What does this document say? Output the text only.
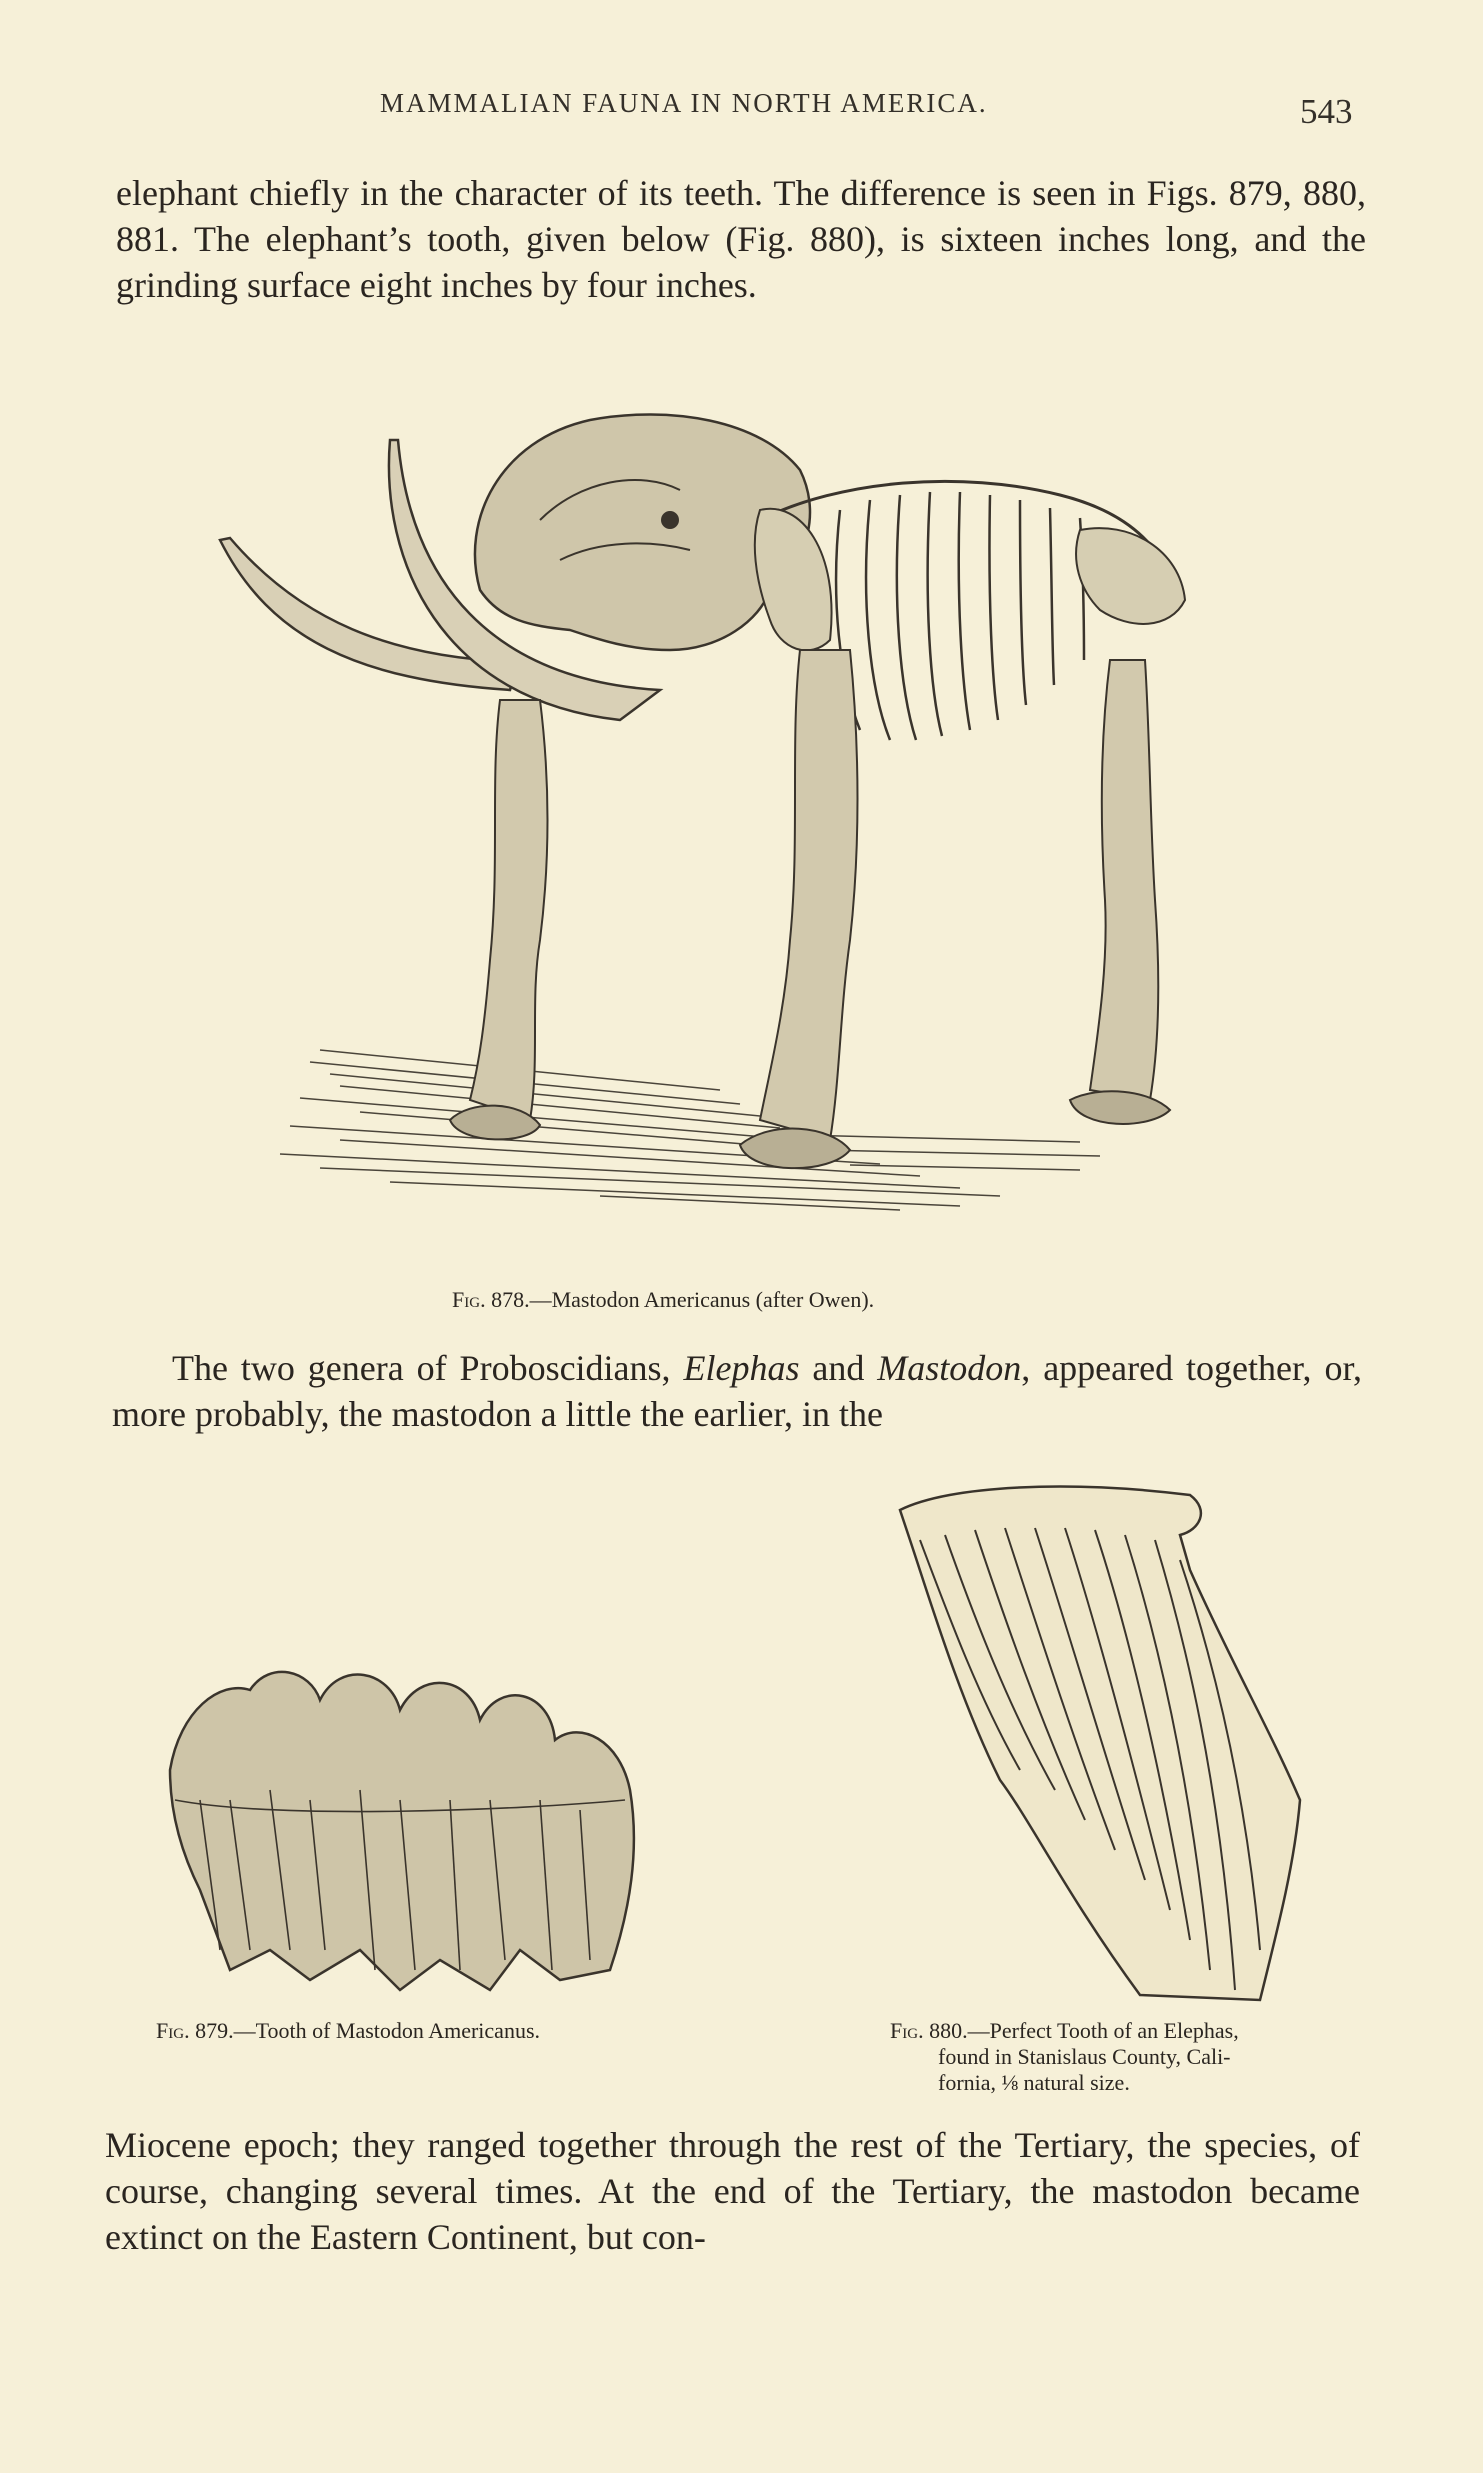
MAMMALIAN FAUNA IN NORTH AMERICA.	543
elephant chiefly in the character of its teeth. The difference is seen in Figs. 879, 880, 881. The elephant’s tooth, given below (Fig. 880), is sixteen inches long, and the grinding surface eight inches by four inches.
Fig. 878.—Mastodon Americanus (after Owen).
The two genera of Proboscidians, Elephas and Mastodon, appeared together, or, more probably, the mastodon a little the earlier, in the
Fig. 879.—Tooth of Mastodon Americanus.	Fig. 880.—Perfect Tooth of an Elephas,
found in Stanislaus County, Cali-
fornia, ⅛ natural size.
Miocene epoch; they ranged together through the rest of the Tertiary, the species, of course, changing several times. At the end of the Tertiary, the mastodon became extinct on the Eastern Continent, but con-
